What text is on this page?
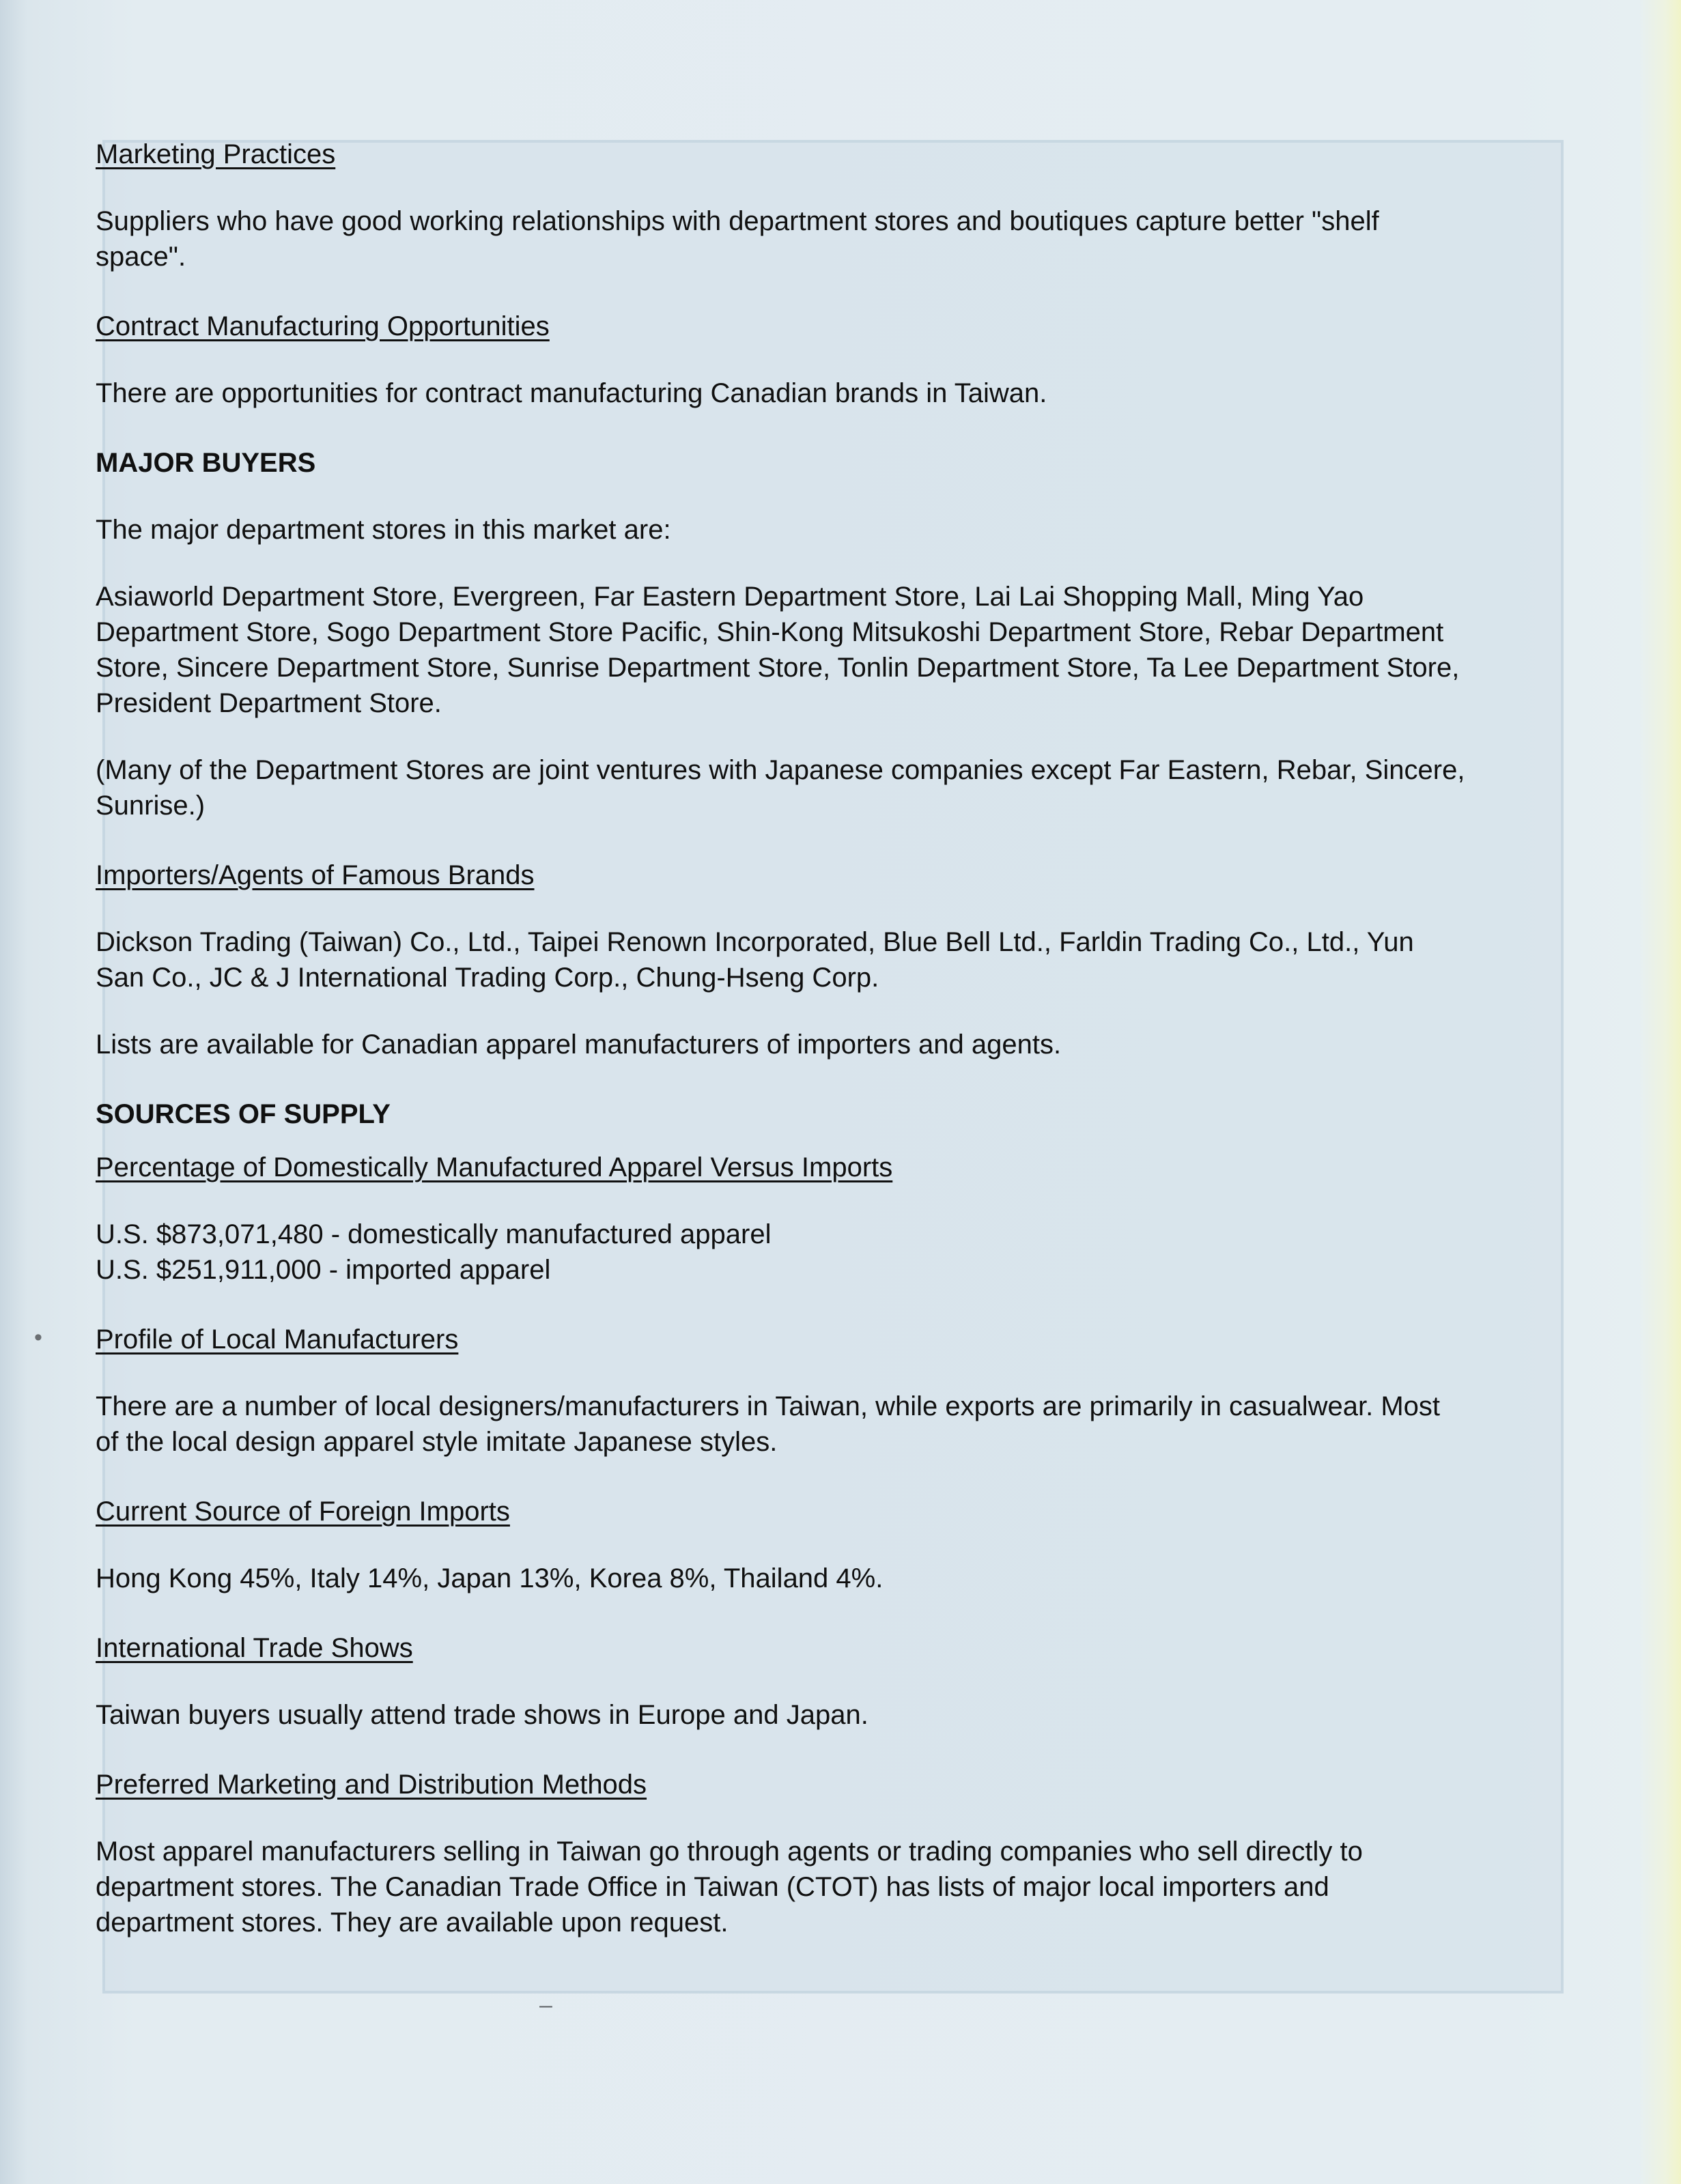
Marketing Practices

Suppliers who have good working relationships with department stores and boutiques capture better "shelf space".

Contract Manufacturing Opportunities

There are opportunities for contract manufacturing Canadian brands in Taiwan.

MAJOR BUYERS

The major department stores in this market are:

Asiaworld Department Store, Evergreen, Far Eastern Department Store, Lai Lai Shopping Mall, Ming Yao Department Store, Sogo Department Store Pacific, Shin-Kong Mitsukoshi Department Store, Rebar Department Store, Sincere Department Store, Sunrise Department Store, Tonlin Department Store, Ta Lee Department Store, President Department Store.

(Many of the Department Stores are joint ventures with Japanese companies except Far Eastern, Rebar, Sincere, Sunrise.)

Importers/Agents of Famous Brands

Dickson Trading (Taiwan) Co., Ltd., Taipei Renown Incorporated, Blue Bell Ltd., Farldin Trading Co., Ltd., Yun San Co., JC & J International Trading Corp., Chung-Hseng Corp.

Lists are available for Canadian apparel manufacturers of importers and agents.

SOURCES OF SUPPLY
Percentage of Domestically Manufactured Apparel Versus Imports

U.S. $873,071,480 - domestically manufactured apparel

U.S. $251,911,000 - imported apparel

Profile of Local Manufacturers

There are a number of local designers/manufacturers in Taiwan, while exports are primarily in casualwear. Most of the local design apparel style imitate Japanese styles.

Current Source of Foreign Imports

Hong Kong 45%, Italy 14%, Japan 13%, Korea 8%, Thailand 4%.

International Trade Shows

Taiwan buyers usually attend trade shows in Europe and Japan.

Preferred Marketing and Distribution Methods

Most apparel manufacturers selling in Taiwan go through agents or trading companies who sell directly to department stores. The Canadian Trade Office in Taiwan (CTOT) has lists of major local importers and department stores. They are available upon request.

•
‒
